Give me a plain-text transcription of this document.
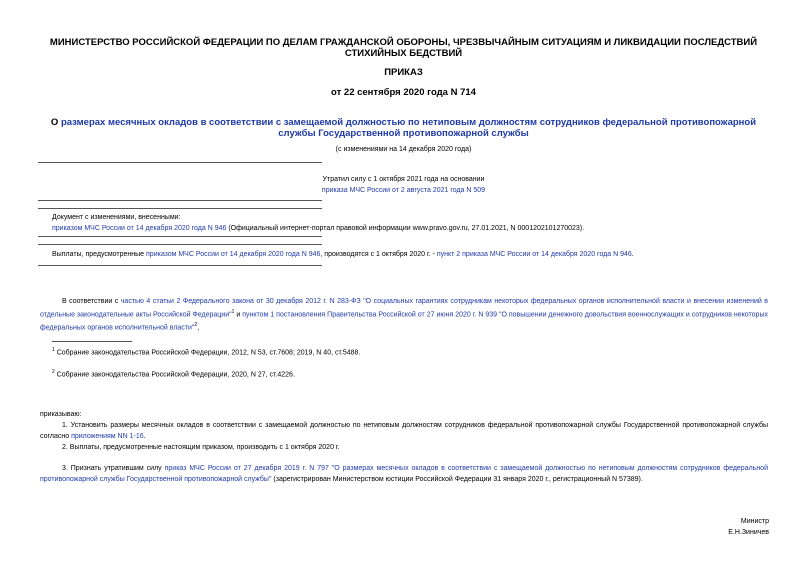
МИНИСТЕРСТВО РОССИЙСКОЙ ФЕДЕРАЦИИ ПО ДЕЛАМ ГРАЖДАНСКОЙ ОБОРОНЫ, ЧРЕЗВЫЧАЙНЫМ СИТУАЦИЯМ И ЛИКВИДАЦИИ ПОСЛЕДСТВИЙ СТИХИЙНЫХ БЕДСТВИЙ
ПРИКАЗ
от 22 сентября 2020 года N 714
О размерах месячных окладов в соответствии с замещаемой должностью по нетиповым должностям сотрудников федеральной противопожарной службы Государственной противопожарной службы
(с изменениями на 14 декабря 2020 года)
Утратил силу с 1 октября 2021 года на основании
приказа МЧС России от 2 августа 2021 года N 509
Документ с изменениями, внесенными:
приказом МЧС России от 14 декабря 2020 года N 946 (Официальный интернет-портал правовой информации www.pravo.gov.ru, 27.01.2021, N 0001202101270023).
Выплаты, предусмотренные приказом МЧС России от 14 декабря 2020 года N 946, производятся с 1 октября 2020 г. - пункт 2 приказа МЧС России от 14 декабря 2020 года N 946.
В соответствии с частью 4 статьи 2 Федерального закона от 30 декабря 2012 г. N 283-ФЗ "О социальных гарантиях сотрудникам некоторых федеральных органов исполнительной власти и внесении изменений в отдельные законодательные акты Российской Федерации"$^1$ и пунктом 1 постановления Правительства Российской от 27 июня 2020 г. N 939 "О повышении денежного довольствия военнослужащих и сотрудников некоторых федеральных органов исполнительной власти"$^2$,
$^1$ Собрание законодательства Российской Федерации, 2012, N 53, ст.7608; 2019, N 40, ст.5488.
$^2$ Собрание законодательства Российской Федерации, 2020, N 27, ст.4226.
приказываю:
1. Установить размеры месячных окладов в соответствии с замещаемой должностью по нетиповым должностям сотрудников федеральной противопожарной службы Государственной противопожарной службы согласно приложениям NN 1-16.
2. Выплаты, предусмотренные настоящим приказом, производить с 1 октября 2020 г.
3. Признать утратившим силу приказ МЧС России от 27 декабря 2019 г. N 797 "О размерах месячных окладов в соответствии с замещаемой должностью по нетиповым должностям сотрудников федеральной противопожарной службы Государственной противопожарной службы" (зарегистрирован Министерством юстиции Российской Федерации 31 января 2020 г., регистрационный N 57389).
Министр
Е.Н.Зиничев
